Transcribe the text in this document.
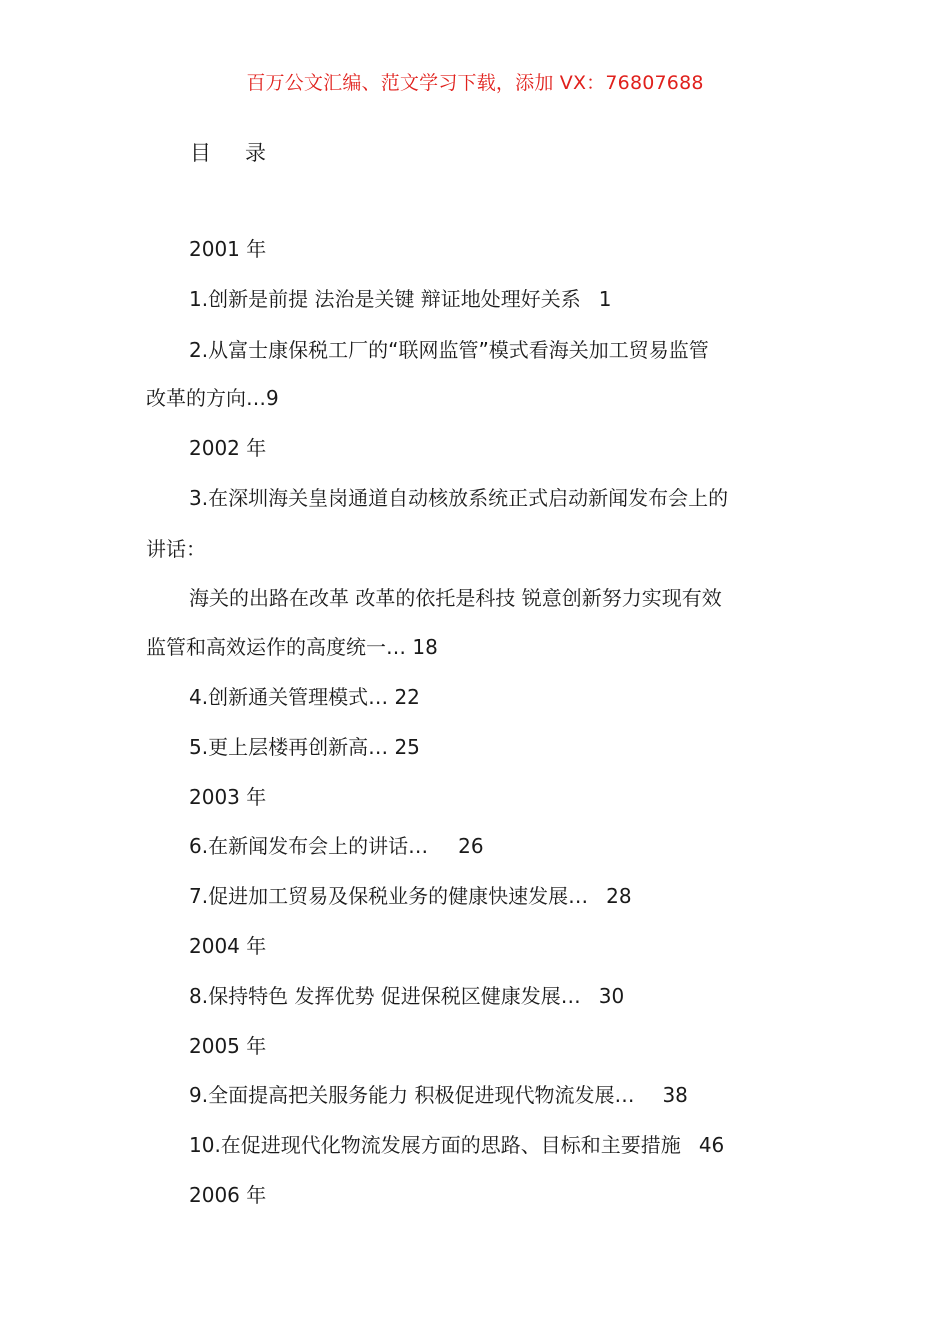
百万公文汇编、范文学习下载，添加 VX：76807688
目 录
2001 年
1.创新是前提 法治是关键 辩证地处理好关系 1
2.从富士康保税工厂的“联网监管”模式看海关加工贸易监管
改革的方向…9
2002 年
3.在深圳海关皇岗通道自动核放系统正式启动新闻发布会上的
讲话：
海关的出路在改革 改革的依托是科技 锐意创新努力实现有效
监管和高效运作的高度统一… 18
4.创新通关管理模式… 22
5.更上层楼再创新高… 25
2003 年
6.在新闻发布会上的讲话… 26
7.促进加工贸易及保税业务的健康快速发展… 28
2004 年
8.保持特色 发挥优势 促进保税区健康发展… 30
2005 年
9.全面提高把关服务能力 积极促进现代物流发展… 38
10.在促进现代化物流发展方面的思路、目标和主要措施 46
2006 年
